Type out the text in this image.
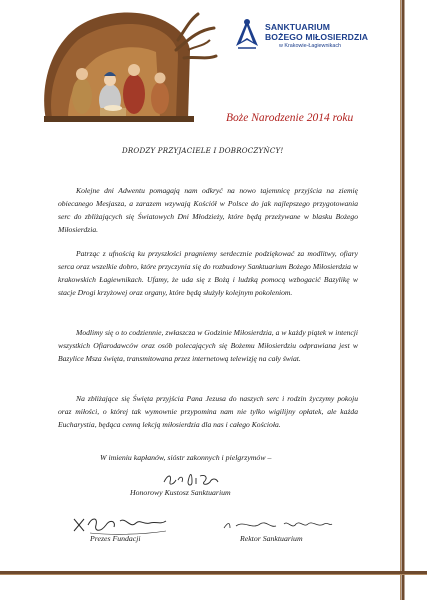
SANKTUARIUM
BOŻEGO MIŁOSIERDZIA
w Krakowie-Łagiewnikach
Boże Narodzenie 2014 roku
DRODZY PRZYJACIELE I DOBROCZYŃCY!

Kolejne dni Adwentu pomagają nam odkryć na nowo tajemnicę przyjścia na ziemię obiecanego Mesjasza, a zarazem wzywają Kościół w Polsce do jak najlepszego przygotowania serc do zbliżających się Światowych Dni Młodzieży, które będą przeżywane w blasku Bożego Miłosierdzia.

Patrząc z ufnością ku przyszłości pragniemy serdecznie podziękować za modlitwy, ofiary serca oraz wszelkie dobro, które przyczynia się do rozbudowy Sanktuarium Bożego Miłosierdzia w krakowskich Łagiewnikach. Ufamy, że uda się z Bożą i ludzką pomocą wzbogacić Bazylikę w stacje Drogi krzyżowej oraz organy, które będą służyły kolejnym pokoleniom.

Modlimy się o to codziennie, zwłaszcza w Godzinie Miłosierdzia, a w każdy piątek w intencji wszystkich Ofiarodawców oraz osób polecających się Bożemu Miłosierdziu odprawiana jest w Bazylice Msza święta, transmitowana przez internetową telewizję na cały świat.

Na zbliżające się Święta przyjścia Pana Jezusa do naszych serc i rodzin życzymy pokoju oraz miłości, o której tak wymownie przypomina nam nie tylko wigilijny opłatek, ale każda Eucharystia, będąca cenną lekcją miłosierdzia dla nas i całego Kościoła.

W imieniu kapłanów, sióstr zakonnych i pielgrzymów –
Honorowy Kustosz Sanktuarium
Prezes Fundacji	Rektor Sanktuarium
